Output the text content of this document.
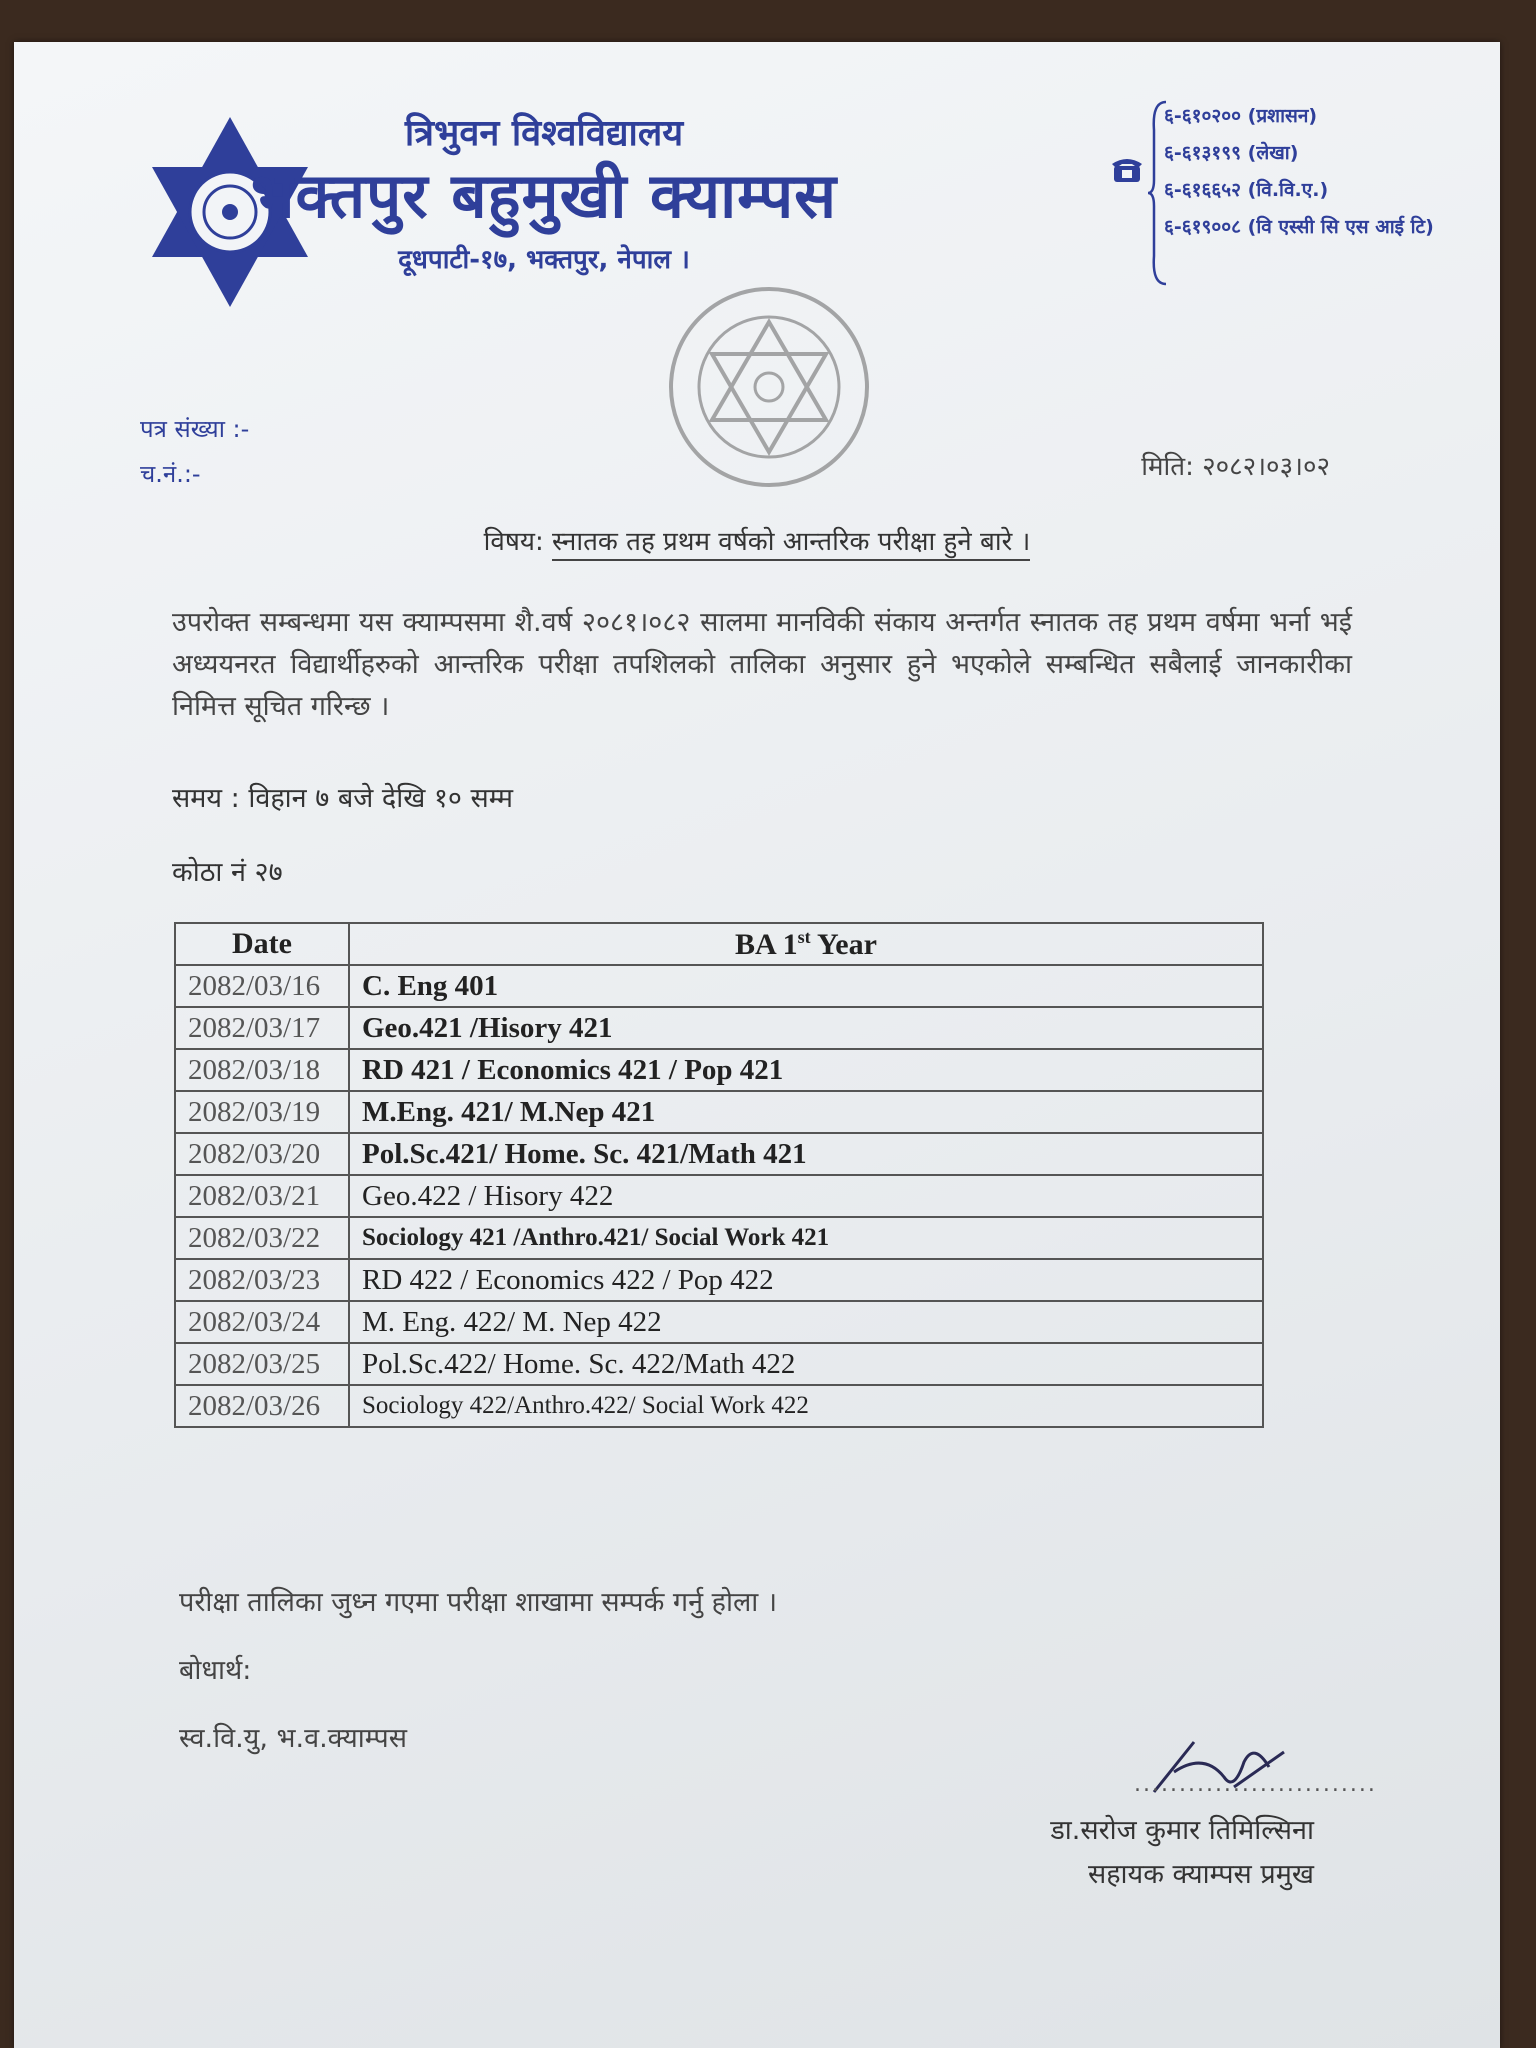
त्रिभुवन विश्वविद्यालय
भक्तपुर बहुमुखी क्याम्पस
दूधपाटी-१७, भक्तपुर, नेपाल ।
६-६१०२०० (प्रशासन)
६-६१३१९९ (लेखा)
६-६१६६५२ (वि.वि.ए.)
६-६१९००८ (वि एस्सी सि एस आई टि)
पत्र संख्या :-
च.नं.:-	मिति: २०८२।०३।०२
विषय: स्नातक तह प्रथम वर्षको आन्तरिक परीक्षा हुने बारे ।
उपरोक्त सम्बन्धमा यस क्याम्पसमा शै.वर्ष २०८१।०८२ सालमा मानविकी संकाय अन्तर्गत स्नातक तह प्रथम वर्षमा भर्ना भई अध्ययनरत विद्यार्थीहरुको आन्तरिक परीक्षा तपशिलको तालिका अनुसार हुने भएकोले सम्बन्धित सबैलाई जानकारीका निमित्त सूचित गरिन्छ ।
समय : विहान ७ बजे देखि १० सम्म
कोठा नं २७
Date	BA 1st Year
2082/03/16	C. Eng 401
2082/03/17	Geo.421 /Hisory 421
2082/03/18	RD 421 / Economics 421 / Pop 421
2082/03/19	M.Eng. 421/ M.Nep 421
2082/03/20	Pol.Sc.421/ Home. Sc. 421/Math 421
2082/03/21	Geo.422 / Hisory 422
2082/03/22	Sociology 421 /Anthro.421/ Social Work 421
2082/03/23	RD 422 / Economics 422 / Pop 422
2082/03/24	M. Eng. 422/ M. Nep 422
2082/03/25	Pol.Sc.422/ Home. Sc. 422/Math 422
2082/03/26	Sociology 422/Anthro.422/ Social Work 422
परीक्षा तालिका जुध्न गएमा परीक्षा शाखामा सम्पर्क गर्नु होला ।
बोधार्थ:
स्व.वि.यु, भ.व.क्याम्पस
...........................
डा.सरोज कुमार तिमिल्सिना
सहायक क्याम्पस प्रमुख
